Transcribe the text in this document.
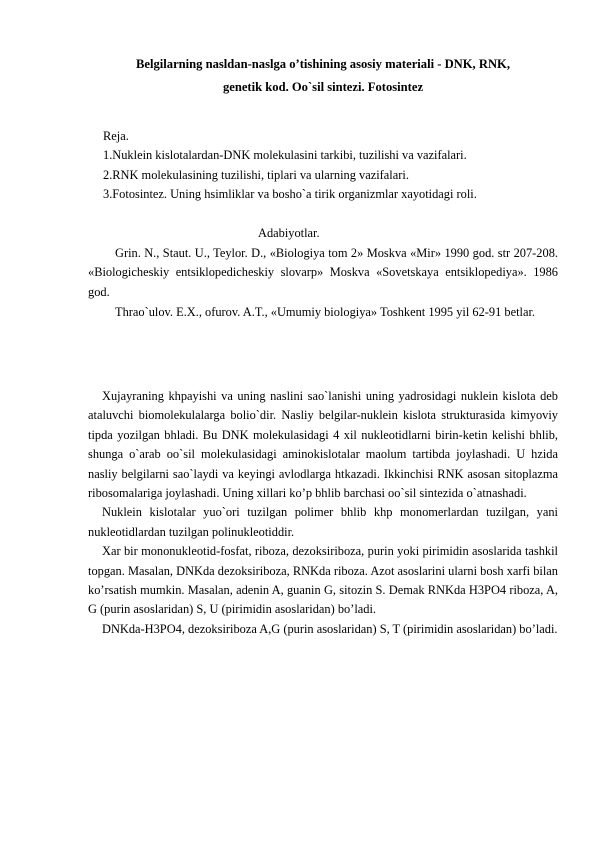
Belgilarning nasldan-naslga o’tishining asosiy materiali - DNK, RNK,
genetik kod. Oo`sil sintezi. Fotosintez
Reja.
1.Nuklein kislotalardan-DNK molekulasini tarkibi, tuzilishi va vazifalari.
2.RNK molekulasining tuzilishi, tiplari va ularning vazifalari.
3.Fotosintez. Uning hsimliklar va bosho`a tirik organizmlar xayotidagi roli.
Adabiyotlar.

Grin. N., Staut. U., Teylor. D., «Biologiya tom 2» Moskva «Mir» 1990 god. str 207-208. «Biologicheskiy entsiklopedicheskiy slovarp» Moskva «Sovetskaya entsiklopediya». 1986 god.

Thrao`ulov. E.X., ofurov. A.T., «Umumiy biologiya» Toshkent 1995 yil 62-91 betlar.

Xujayraning khpayishi va uning naslini sao`lanishi uning yadrosidagi nuklein kislota deb ataluvchi biomolekulalarga bolio`dir. Nasliy belgilar-nuklein kislota strukturasida kimyoviy tipda yozilgan bhladi. Bu DNK molekulasidagi 4 xil nukleotidlarni birin-ketin kelishi bhlib, shunga o`arab oo`sil molekulasidagi aminokislotalar maolum tartibda joylashadi. U hzida nasliy belgilarni sao`laydi va keyingi avlodlarga htkazadi. Ikkinchisi RNK asosan sitoplazma ribosomalariga joylashadi. Uning xillari ko’p bhlib barchasi oo`sil sintezida o`atnashadi.

Nuklein kislotalar yuo`ori tuzilgan polimer bhlib khp monomerlardan tuzilgan, yani nukleotidlardan tuzilgan polinukleotiddir.

Xar bir mononukleotid-fosfat, riboza, dezoksiriboza, purin yoki pirimidin asoslarida tashkil topgan. Masalan, DNKda dezoksiriboza, RNKda riboza. Azot asoslarini ularni bosh xarfi bilan ko’rsatish mumkin. Masalan, adenin A, guanin G, sitozin S. Demak RNKda H3PO4 riboza, A, G (purin asoslaridan) S, U (pirimidin asoslaridan) bo’ladi.

DNKda-H3PO4, dezoksiriboza A,G (purin asoslaridan) S, T (pirimidin asoslaridan) bo’ladi.
